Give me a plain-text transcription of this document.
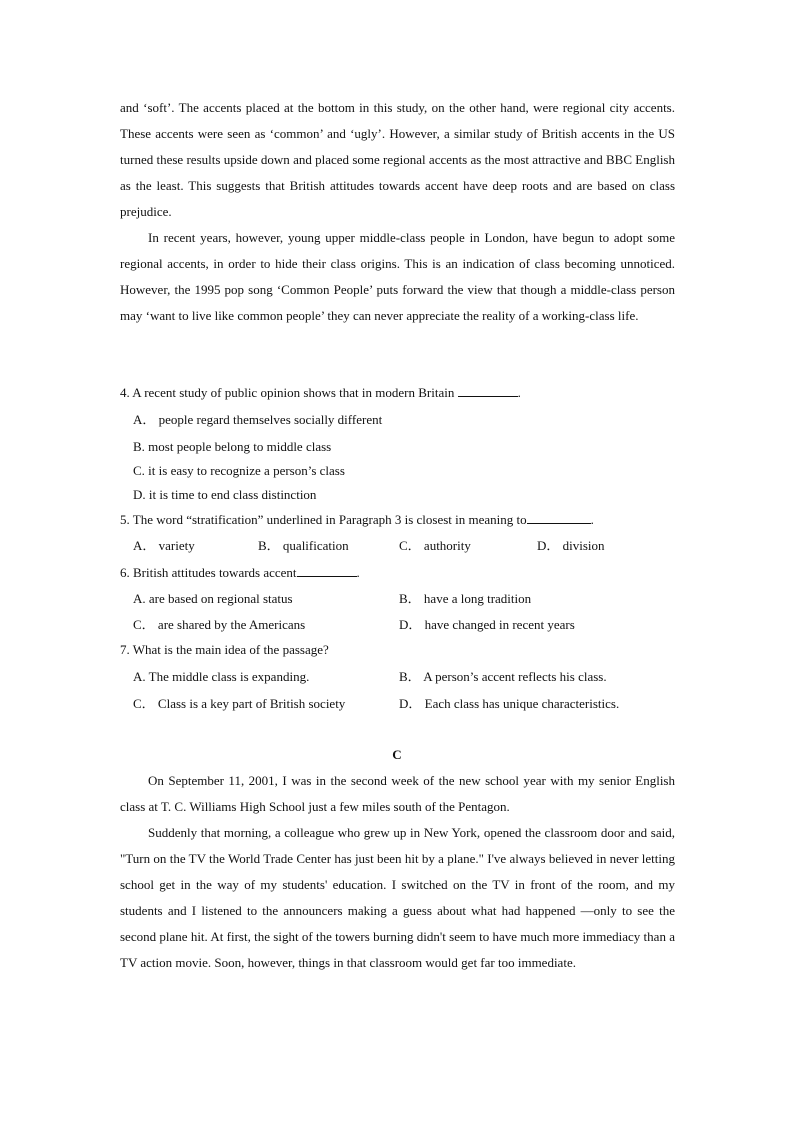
and ‘soft’. The accents placed at the bottom in this study, on the other hand, were regional city accents. These accents were seen as ‘common’ and ‘ugly’. However, a similar study of British accents in the US turned these results upside down and placed some regional accents as the most attractive and BBC English as the least. This suggests that British attitudes towards accent have deep roots and are based on class prejudice.

In recent years, however, young upper middle-class people in London, have begun to adopt some regional accents, in order to hide their class origins. This is an indication of class becoming unnoticed. However, the 1995 pop song ‘Common People’ puts forward the view that though a middle-class person may ‘want to live like common people’ they can never appreciate the reality of a working-class life.

4. A recent study of public opinion shows that in modern Britain	.
A． people regard themselves socially different
B. most people belong to middle class
C. it is easy to recognize a person’s class
D. it is time to end class distinction
5. The word “stratification” underlined in Paragraph 3 is closest in meaning to	.
A． variety	B． qualification	C． authority	D． division
6. British attitudes towards accent	.
A. are based on regional status	B． have a long tradition
C． are shared by the Americans	D． have changed in recent years
7. What is the main idea of the passage?
A. The middle class is expanding.	B． A person’s accent reflects his class.
C． Class is a key part of British society	D． Each class has unique characteristics.
C

On September 11, 2001, I was in the second week of the new school year with my senior English class at T. C. Williams High School just a few miles south of the Pentagon.

Suddenly that morning, a colleague who grew up in New York, opened the classroom door and said, "Turn on the TV the World Trade Center has just been hit by a plane." I've always believed in never letting school get in the way of my students' education. I switched on the TV in front of the room, and my students and I listened to the announcers making a guess about what had happened —only to see the second plane hit. At first, the sight of the towers burning didn't seem to have much more immediacy than a TV action movie. Soon, however, things in that classroom would get far too immediate.
